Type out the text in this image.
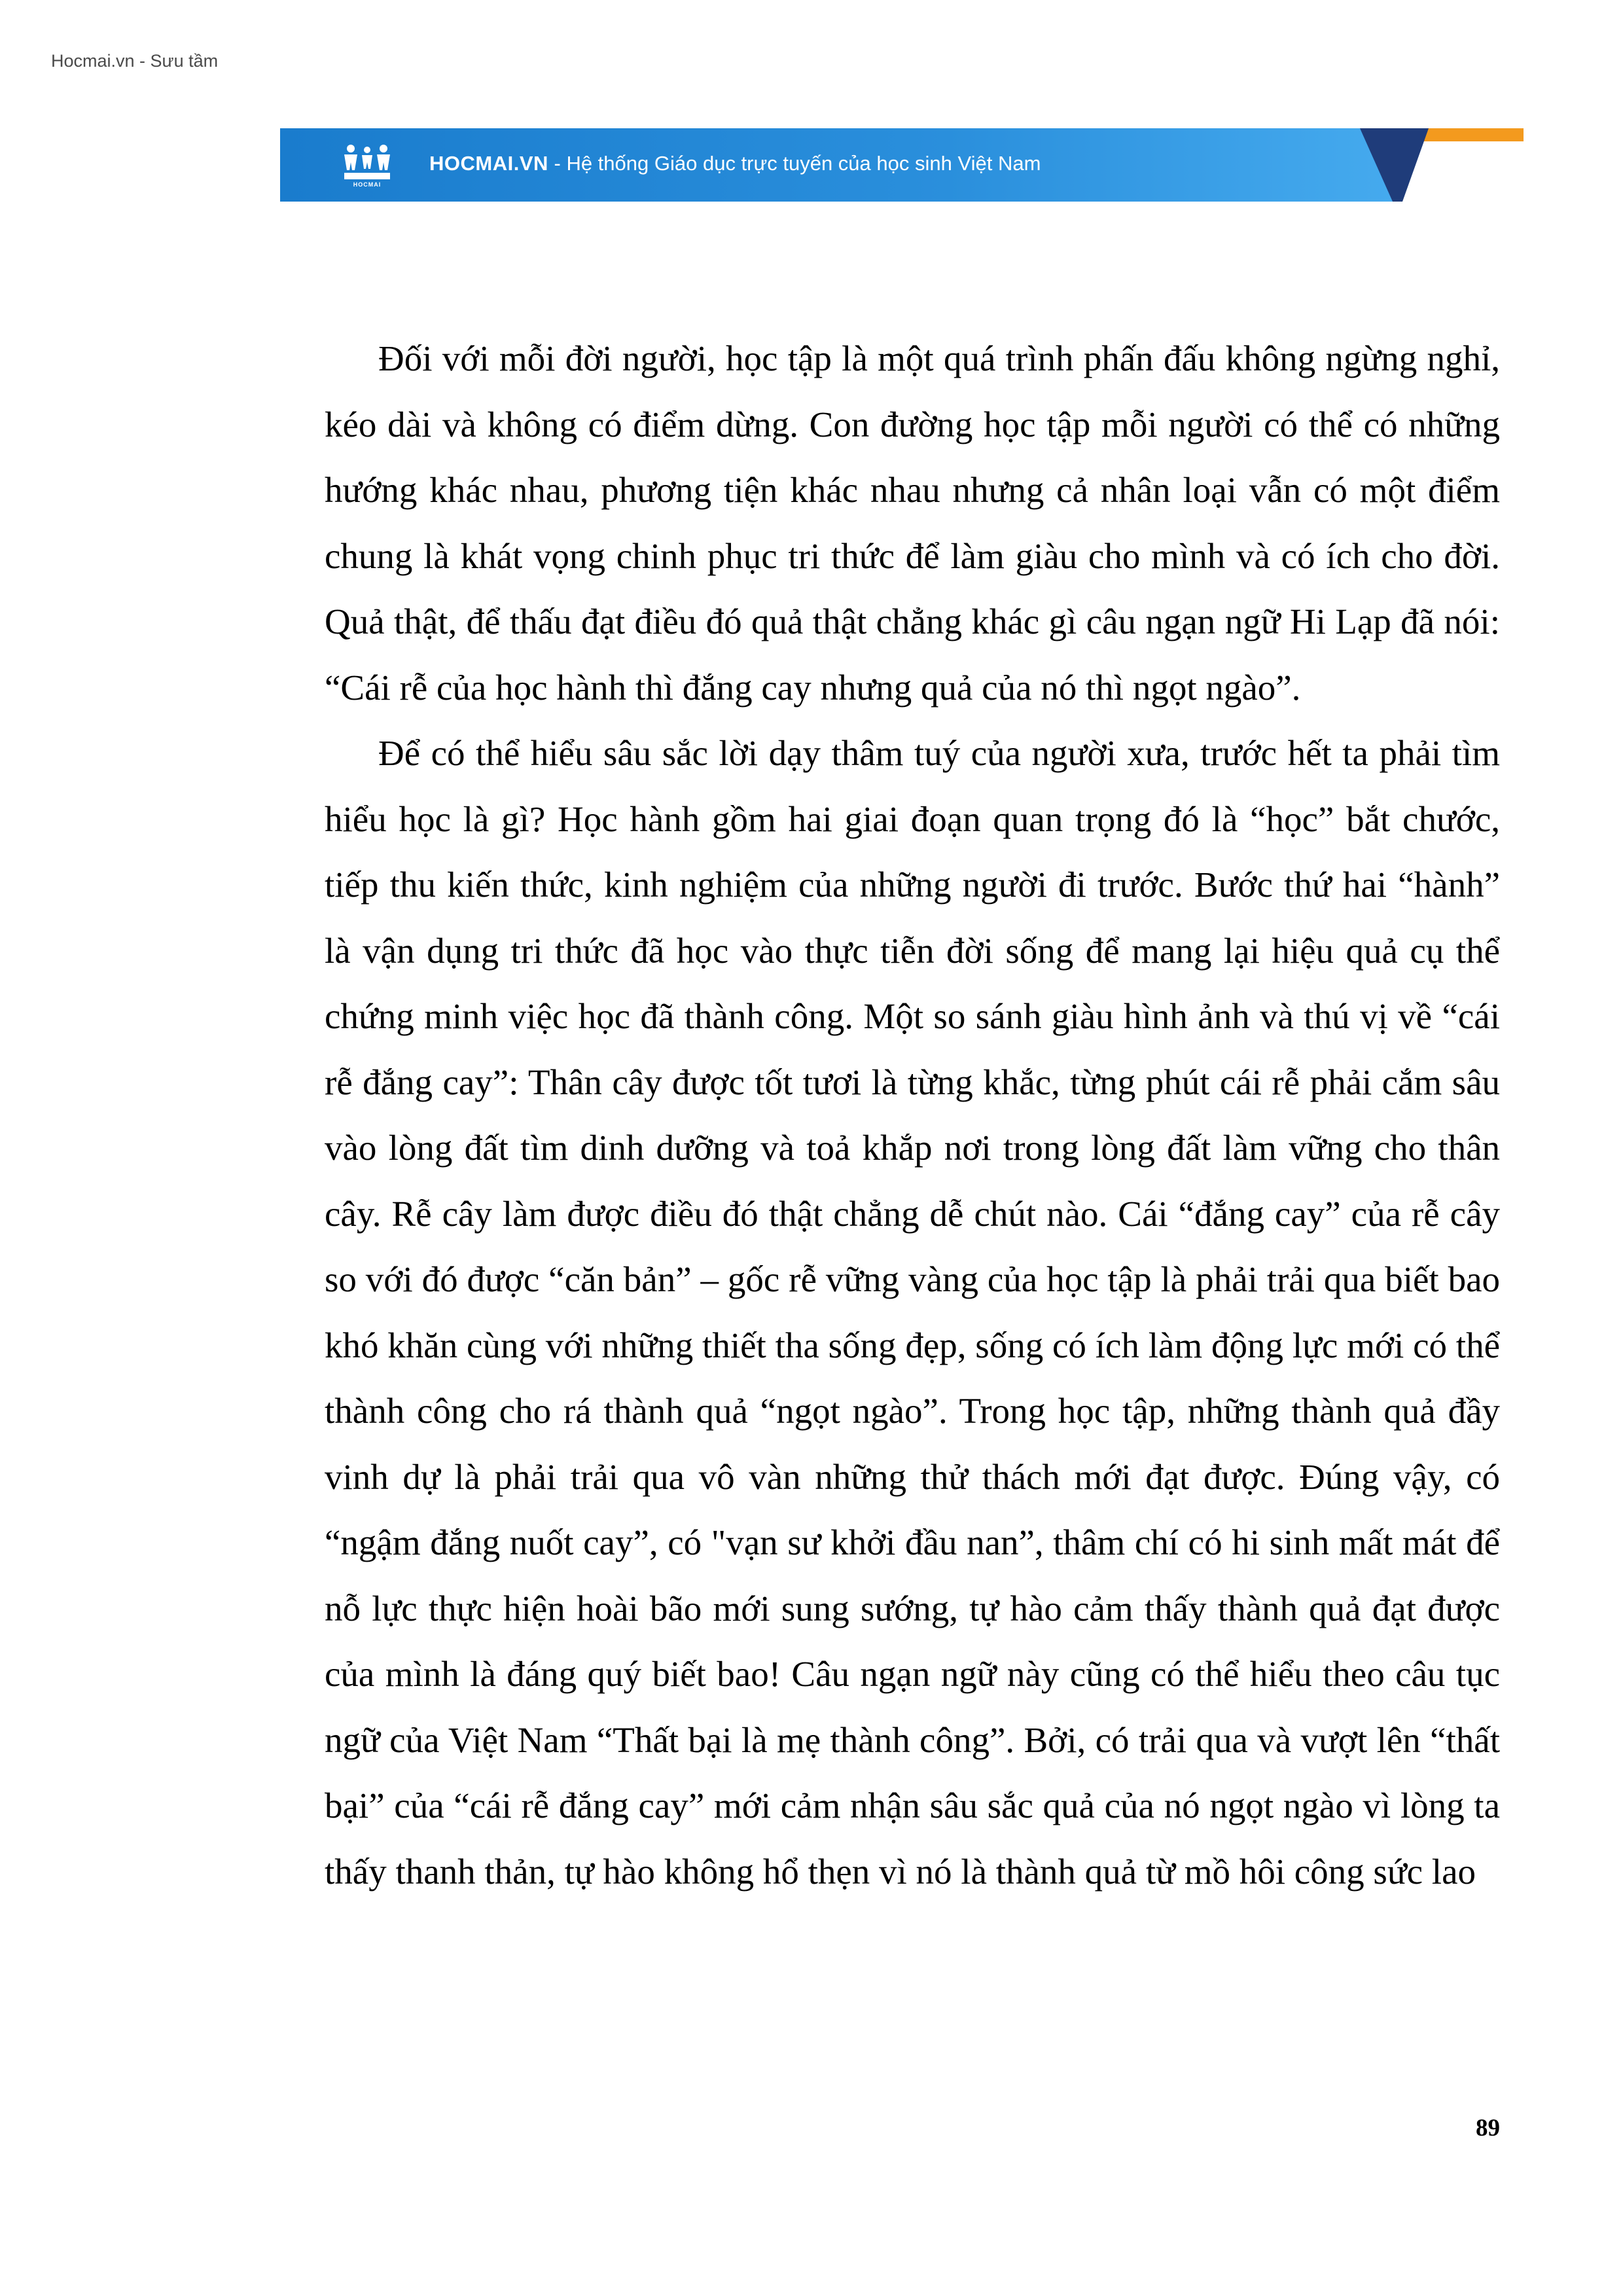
Hocmai.vn - Sưu tầm
HOCMAI
HOCMAI.VN - Hệ thống Giáo dục trực tuyến của học sinh Việt Nam

Đối với mỗi đời người, học tập là một quá trình phấn đấu không ngừng nghỉ, kéo dài và không có điểm dừng. Con đường học tập mỗi người có thể có những hướng khác nhau, phương tiện khác nhau nhưng cả nhân loại vẫn có một điểm chung là khát vọng chinh phục tri thức để làm giàu cho mình và có ích cho đời. Quả thật, để thấu đạt điều đó quả thật chẳng khác gì câu ngạn ngữ Hi Lạp đã nói: “Cái rễ của học hành thì đắng cay nhưng quả của nó thì ngọt ngào”.

Để có thể hiểu sâu sắc lời dạy thâm tuý của người xưa, trước hết ta phải tìm hiểu học là gì? Học hành gồm hai giai đoạn quan trọng đó là “học” bắt chước, tiếp thu kiến thức, kinh nghiệm của những người đi trước. Bước thứ hai “hành” là vận dụng tri thức đã học vào thực tiễn đời sống để mang lại hiệu quả cụ thể chứng minh việc học đã thành công. Một so sánh giàu hình ảnh và thú vị về “cái rễ đắng cay”: Thân cây được tốt tươi là từng khắc, từng phút cái rễ phải cắm sâu vào lòng đất tìm dinh dưỡng và toả khắp nơi trong lòng đất làm vững cho thân cây. Rễ cây làm được điều đó thật chẳng dễ chút nào. Cái “đắng cay” của rễ cây so với đó được “căn bản” – gốc rễ vững vàng của học tập là phải trải qua biết bao khó khăn cùng với những thiết tha sống đẹp, sống có ích làm động lực mới có thể thành công cho rá thành quả “ngọt ngào”. Trong học tập, những thành quả đầy vinh dự là phải trải qua vô vàn những thử thách mới đạt được. Đúng vậy, có “ngậm đắng nuốt cay”, có "vạn sư khởi đầu nan”, thâm chí có hi sinh mất mát để nỗ lực thực hiện hoài bão mới sung sướng, tự hào cảm thấy thành quả đạt được của mình là đáng quý biết bao! Câu ngạn ngữ này cũng có thể hiểu theo câu tục ngữ của Việt Nam “Thất bại là mẹ thành công”. Bởi, có trải qua và vượt lên “thất bại” của “cái rễ đắng cay” mới cảm nhận sâu sắc quả của nó ngọt ngào vì lòng ta thấy thanh thản, tự hào không hổ thẹn vì nó là thành quả từ mồ hôi công sức lao

89
